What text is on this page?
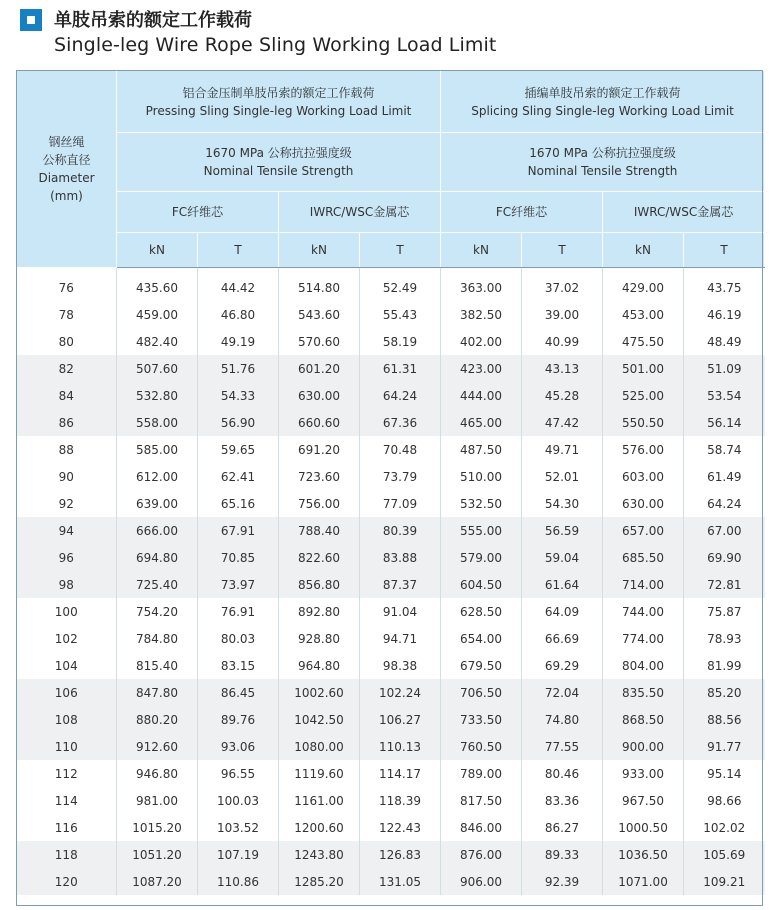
单肢吊索的额定工作载荷
Single-leg Wire Rope Sling Working Load Limit
钢丝绳
公称直径
Diameter
(mm)	铝合金压制单肢吊索的额定工作载荷
Pressing Sling Single-leg Working Load Limit				插编单肢吊索的额定工作载荷
Splicing Sling Single-leg Working Load Limit			

	1670 MPa 公称抗拉强度级
Nominal Tensile Strength				1670 MPa 公称抗拉强度级
Nominal Tensile Strength			

	FC纤维芯		IWRC/WSC金属芯		FC纤维芯		IWRC/WSC金属芯	
	kN	T	kN	T	kN	T	kN	T
76	435.60	44.42	514.80	52.49	363.00	37.02	429.00	43.75
78	459.00	46.80	543.60	55.43	382.50	39.00	453.00	46.19
80	482.40	49.19	570.60	58.19	402.00	40.99	475.50	48.49
82	507.60	51.76	601.20	61.31	423.00	43.13	501.00	51.09
84	532.80	54.33	630.00	64.24	444.00	45.28	525.00	53.54
86	558.00	56.90	660.60	67.36	465.00	47.42	550.50	56.14
88	585.00	59.65	691.20	70.48	487.50	49.71	576.00	58.74
90	612.00	62.41	723.60	73.79	510.00	52.01	603.00	61.49
92	639.00	65.16	756.00	77.09	532.50	54.30	630.00	64.24
94	666.00	67.91	788.40	80.39	555.00	56.59	657.00	67.00
96	694.80	70.85	822.60	83.88	579.00	59.04	685.50	69.90
98	725.40	73.97	856.80	87.37	604.50	61.64	714.00	72.81
100	754.20	76.91	892.80	91.04	628.50	64.09	744.00	75.87
102	784.80	80.03	928.80	94.71	654.00	66.69	774.00	78.93
104	815.40	83.15	964.80	98.38	679.50	69.29	804.00	81.99
106	847.80	86.45	1002.60	102.24	706.50	72.04	835.50	85.20
108	880.20	89.76	1042.50	106.27	733.50	74.80	868.50	88.56
110	912.60	93.06	1080.00	110.13	760.50	77.55	900.00	91.77
112	946.80	96.55	1119.60	114.17	789.00	80.46	933.00	95.14
114	981.00	100.03	1161.00	118.39	817.50	83.36	967.50	98.66
116	1015.20	103.52	1200.60	122.43	846.00	86.27	1000.50	102.02
118	1051.20	107.19	1243.80	126.83	876.00	89.33	1036.50	105.69
120	1087.20	110.86	1285.20	131.05	906.00	92.39	1071.00	109.21
